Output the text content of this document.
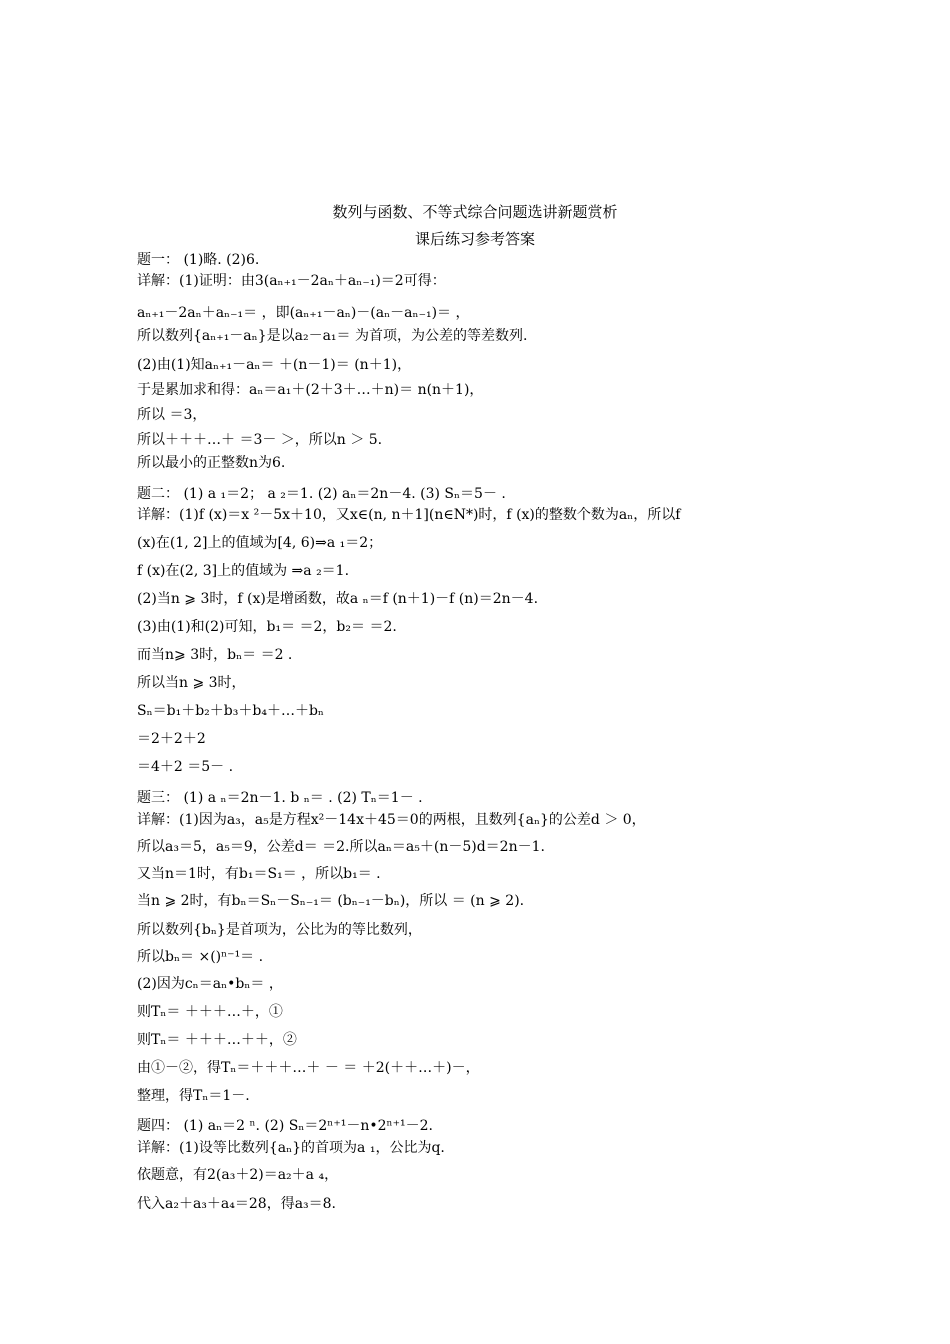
数列与函数、不等式综合问题选讲新题赏析
课后练习参考答案
题一： (1)略. (2)6.
详解：(1)证明：由3(aₙ₊₁－2aₙ＋aₙ₋₁)＝2可得：
aₙ₊₁－2aₙ＋aₙ₋₁＝ ，即(aₙ₊₁－aₙ)－(aₙ－aₙ₋₁)＝ ，
所以数列{aₙ₊₁－aₙ}是以a₂－a₁＝ 为首项，为公差的等差数列.
(2)由(1)知aₙ₊₁－aₙ＝ ＋(n－1)＝ (n＋1)，
于是累加求和得：aₙ＝a₁＋(2＋3＋…＋n)＝ n(n＋1)，
所以 ＝3，
所以＋＋＋…＋ ＝3－ ＞，所以n ＞ 5.
所以最小的正整数n为6.
题二： (1) a ₁＝2； a ₂＝1. (2) aₙ＝2n－4. (3) Sₙ＝5－ .
详解：(1)f (x)＝x ²－5x＋10，又x∈(n, n＋1](n∈N*)时，f (x)的整数个数为aₙ，所以f
(x)在(1, 2]上的值域为[4, 6)⇒a ₁＝2；
f (x)在(2, 3]上的值域为 ⇒a ₂＝1.
(2)当n ⩾ 3时，f (x)是增函数，故a ₙ＝f (n＋1)－f (n)＝2n－4.
(3)由(1)和(2)可知，b₁＝ ＝2，b₂＝ ＝2.
而当n⩾ 3时，bₙ＝ ＝2 .
所以当n ⩾ 3时，
Sₙ＝b₁＋b₂＋b₃＋b₄＋…＋bₙ
＝2＋2＋2
＝4＋2 ＝5－ .
题三： (1) a ₙ＝2n－1. b ₙ＝ . (2) Tₙ＝1－ .
详解：(1)因为a₃，a₅是方程x²－14x＋45＝0的两根，且数列{aₙ}的公差d ＞ 0，
所以a₃＝5，a₅＝9，公差d＝ ＝2.所以aₙ＝a₅＋(n－5)d＝2n－1.
又当n＝1时，有b₁＝S₁＝ ，所以b₁＝ .
当n ⩾ 2时，有bₙ＝Sₙ－Sₙ₋₁＝ (bₙ₋₁－bₙ)，所以 ＝ (n ⩾ 2).
所以数列{bₙ}是首项为，公比为的等比数列，
所以bₙ＝ ×()ⁿ⁻¹＝ .
(2)因为cₙ＝aₙ•bₙ＝ ，
则Tₙ＝ ＋＋＋…＋，①
则Tₙ＝ ＋＋＋…＋＋，②
由①－②，得Tₙ＝＋＋＋…＋ － ＝ ＋2(＋＋…＋)－，
整理，得Tₙ＝1－.
题四： (1) aₙ＝2 ⁿ. (2) Sₙ＝2ⁿ⁺¹－n•2ⁿ⁺¹－2.
详解：(1)设等比数列{aₙ}的首项为a ₁，公比为q.
依题意，有2(a₃＋2)＝a₂＋a ₄，
代入a₂＋a₃＋a₄＝28，得a₃＝8.
